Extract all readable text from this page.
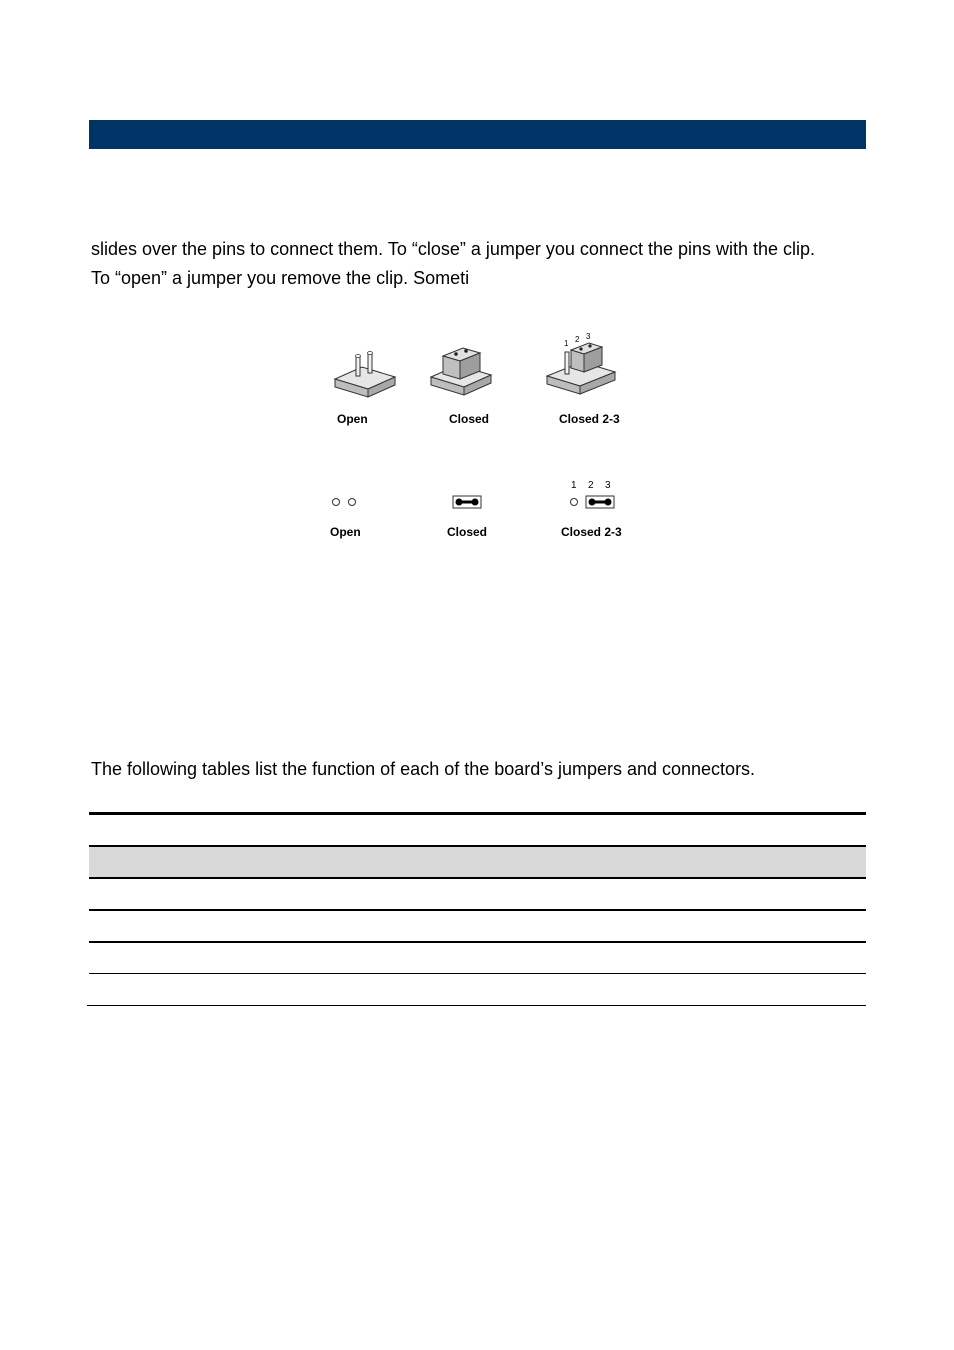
slides over the pins to connect them. To “close” a jumper you connect the pins with the clip.
To “open” a jumper you remove the clip. Someti
1 2 3
Open	Closed	Closed 2-3
1 2 3
Open	Closed	Closed 2-3
The following tables list the function of each of the board’s jumpers and connectors.
